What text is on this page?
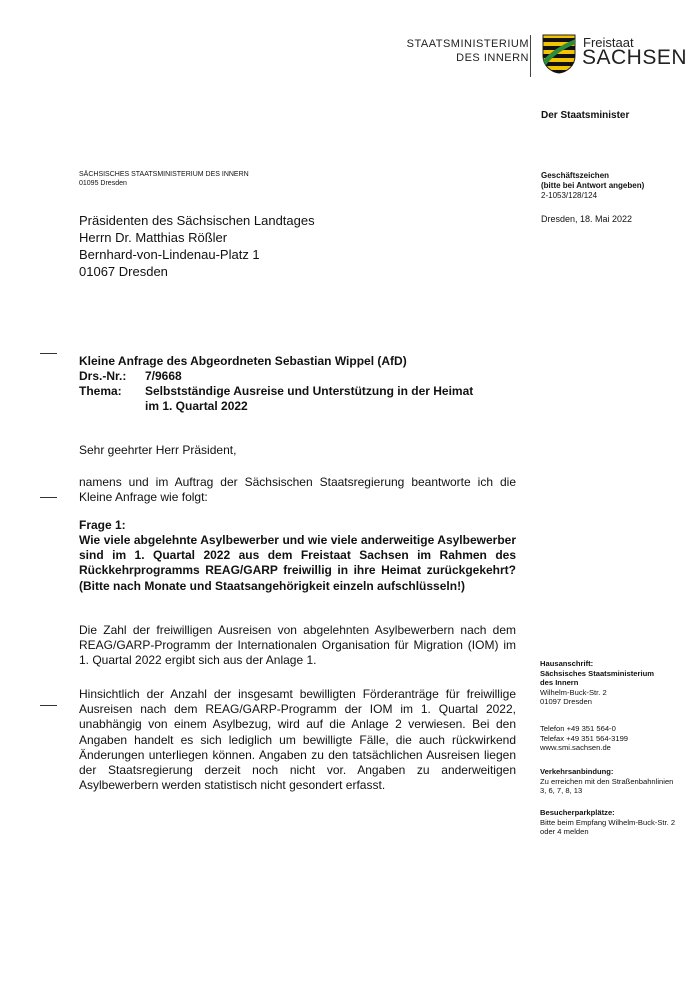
STAATSMINISTERIUM
DES INNERN
Freistaat
SACHSEN
Der Staatsminister
SÄCHSISCHES STAATSMINISTERIUM DES INNERN
01095 Dresden
Geschäftszeichen
(bitte bei Antwort angeben)
2-1053/128/124
Dresden, 18. Mai 2022
Präsidenten des Sächsischen Landtages
Herrn Dr. Matthias Rößler
Bernhard-von-Lindenau-Platz 1
01067 Dresden
Kleine Anfrage des Abgeordneten Sebastian Wippel (AfD)
Drs.-Nr.:	7/9668
Thema:	Selbstständige Ausreise und Unterstützung in der Heimat
im 1. Quartal 2022
Sehr geehrter Herr Präsident,
namens und im Auftrag der Sächsischen Staatsregierung beantworte ich die Kleine Anfrage wie folgt:
Frage 1:
Wie viele abgelehnte Asylbewerber und wie viele anderweitige Asylbewerber sind im 1. Quartal 2022 aus dem Freistaat Sachsen im Rahmen des Rückkehrprogramms REAG/GARP freiwillig in ihre Heimat zurückgekehrt? (Bitte nach Monate und Staatsangehörigkeit einzeln aufschlüsseln!)
Die Zahl der freiwilligen Ausreisen von abgelehnten Asylbewerbern nach dem REAG/GARP-Programm der Internationalen Organisation für Migration (IOM) im 1. Quartal 2022 ergibt sich aus der Anlage 1.
Hinsichtlich der Anzahl der insgesamt bewilligten Förderanträge für freiwillige Ausreisen nach dem REAG/GARP-Programm der IOM im 1. Quartal 2022, unabhängig von einem Asylbezug, wird auf die Anlage 2 verwiesen. Bei den Angaben handelt es sich lediglich um bewilligte Fälle, die auch rückwirkend Änderungen unterliegen können. Angaben zu den tatsächlichen Ausreisen liegen der Staatsregierung derzeit noch nicht vor. Angaben zu anderweitigen Asylbewerbern werden statistisch nicht gesondert erfasst.
Hausanschrift:
Sächsisches Staatsministerium
des Innern
Wilhelm-Buck-Str. 2
01097 Dresden
Telefon +49 351 564-0
Telefax +49 351 564-3199
www.smi.sachsen.de
Verkehrsanbindung:
Zu erreichen mit den Straßenbahnlinien 3, 6, 7, 8, 13
Besucherparkplätze:
Bitte beim Empfang Wilhelm-Buck-Str. 2 oder 4 melden
